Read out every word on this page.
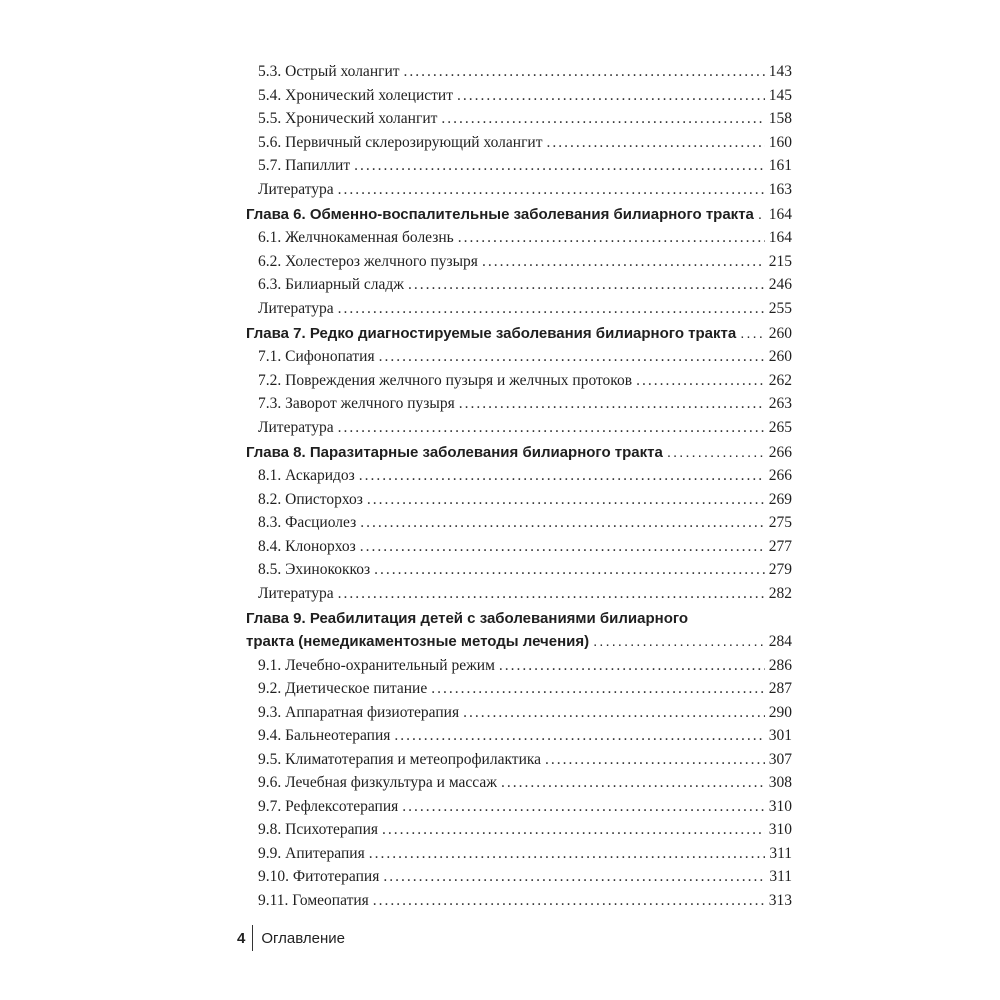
5.3. Острый холангит .....	143
5.4. Хронический холецистит .....	145
5.5. Хронический холангит .....	158
5.6. Первичный склерозирующий холангит .....	160
5.7. Папиллит .....	161
Литература .....	163
Глава 6. Обменно-воспалительные заболевания билиарного тракта ..... 164
6.1. Желчнокаменная болезнь .....	164
6.2. Холестероз желчного пузыря .....	215
6.3. Билиарный сладж .....	246
Литература .....	255
Глава 7. Редко диагностируемые заболевания билиарного тракта ..... 260
7.1. Сифонопатия .....	260
7.2. Повреждения желчного пузыря и желчных протоков .....	262
7.3. Заворот желчного пузыря .....	263
Литература .....	265
Глава 8. Паразитарные заболевания билиарного тракта .....	266
8.1. Аскаридоз .....	266
8.2. Описторхоз .....	269
8.3. Фасциолез .....	275
8.4. Клонорхоз .....	277
8.5. Эхинококкоз .....	279
Литература .....	282
Глава 9. Реабилитация детей с заболеваниями билиарного
тракта (немедикаментозные методы лечения) .....	284
9.1. Лечебно-охранительный режим .....	286
9.2. Диетическое питание .....	287
9.3. Аппаратная физиотерапия .....	290
9.4. Бальнеотерапия .....	301
9.5. Климатотерапия и метеопрофилактика .....	307
9.6. Лечебная физкультура и массаж .....	308
9.7. Рефлексотерапия .....	310
9.8. Психотерапия .....	310
9.9. Апитерапия .....	311
9.10. Фитотерапия .....	311
9.11. Гомеопатия .....	313
4	Оглавление
